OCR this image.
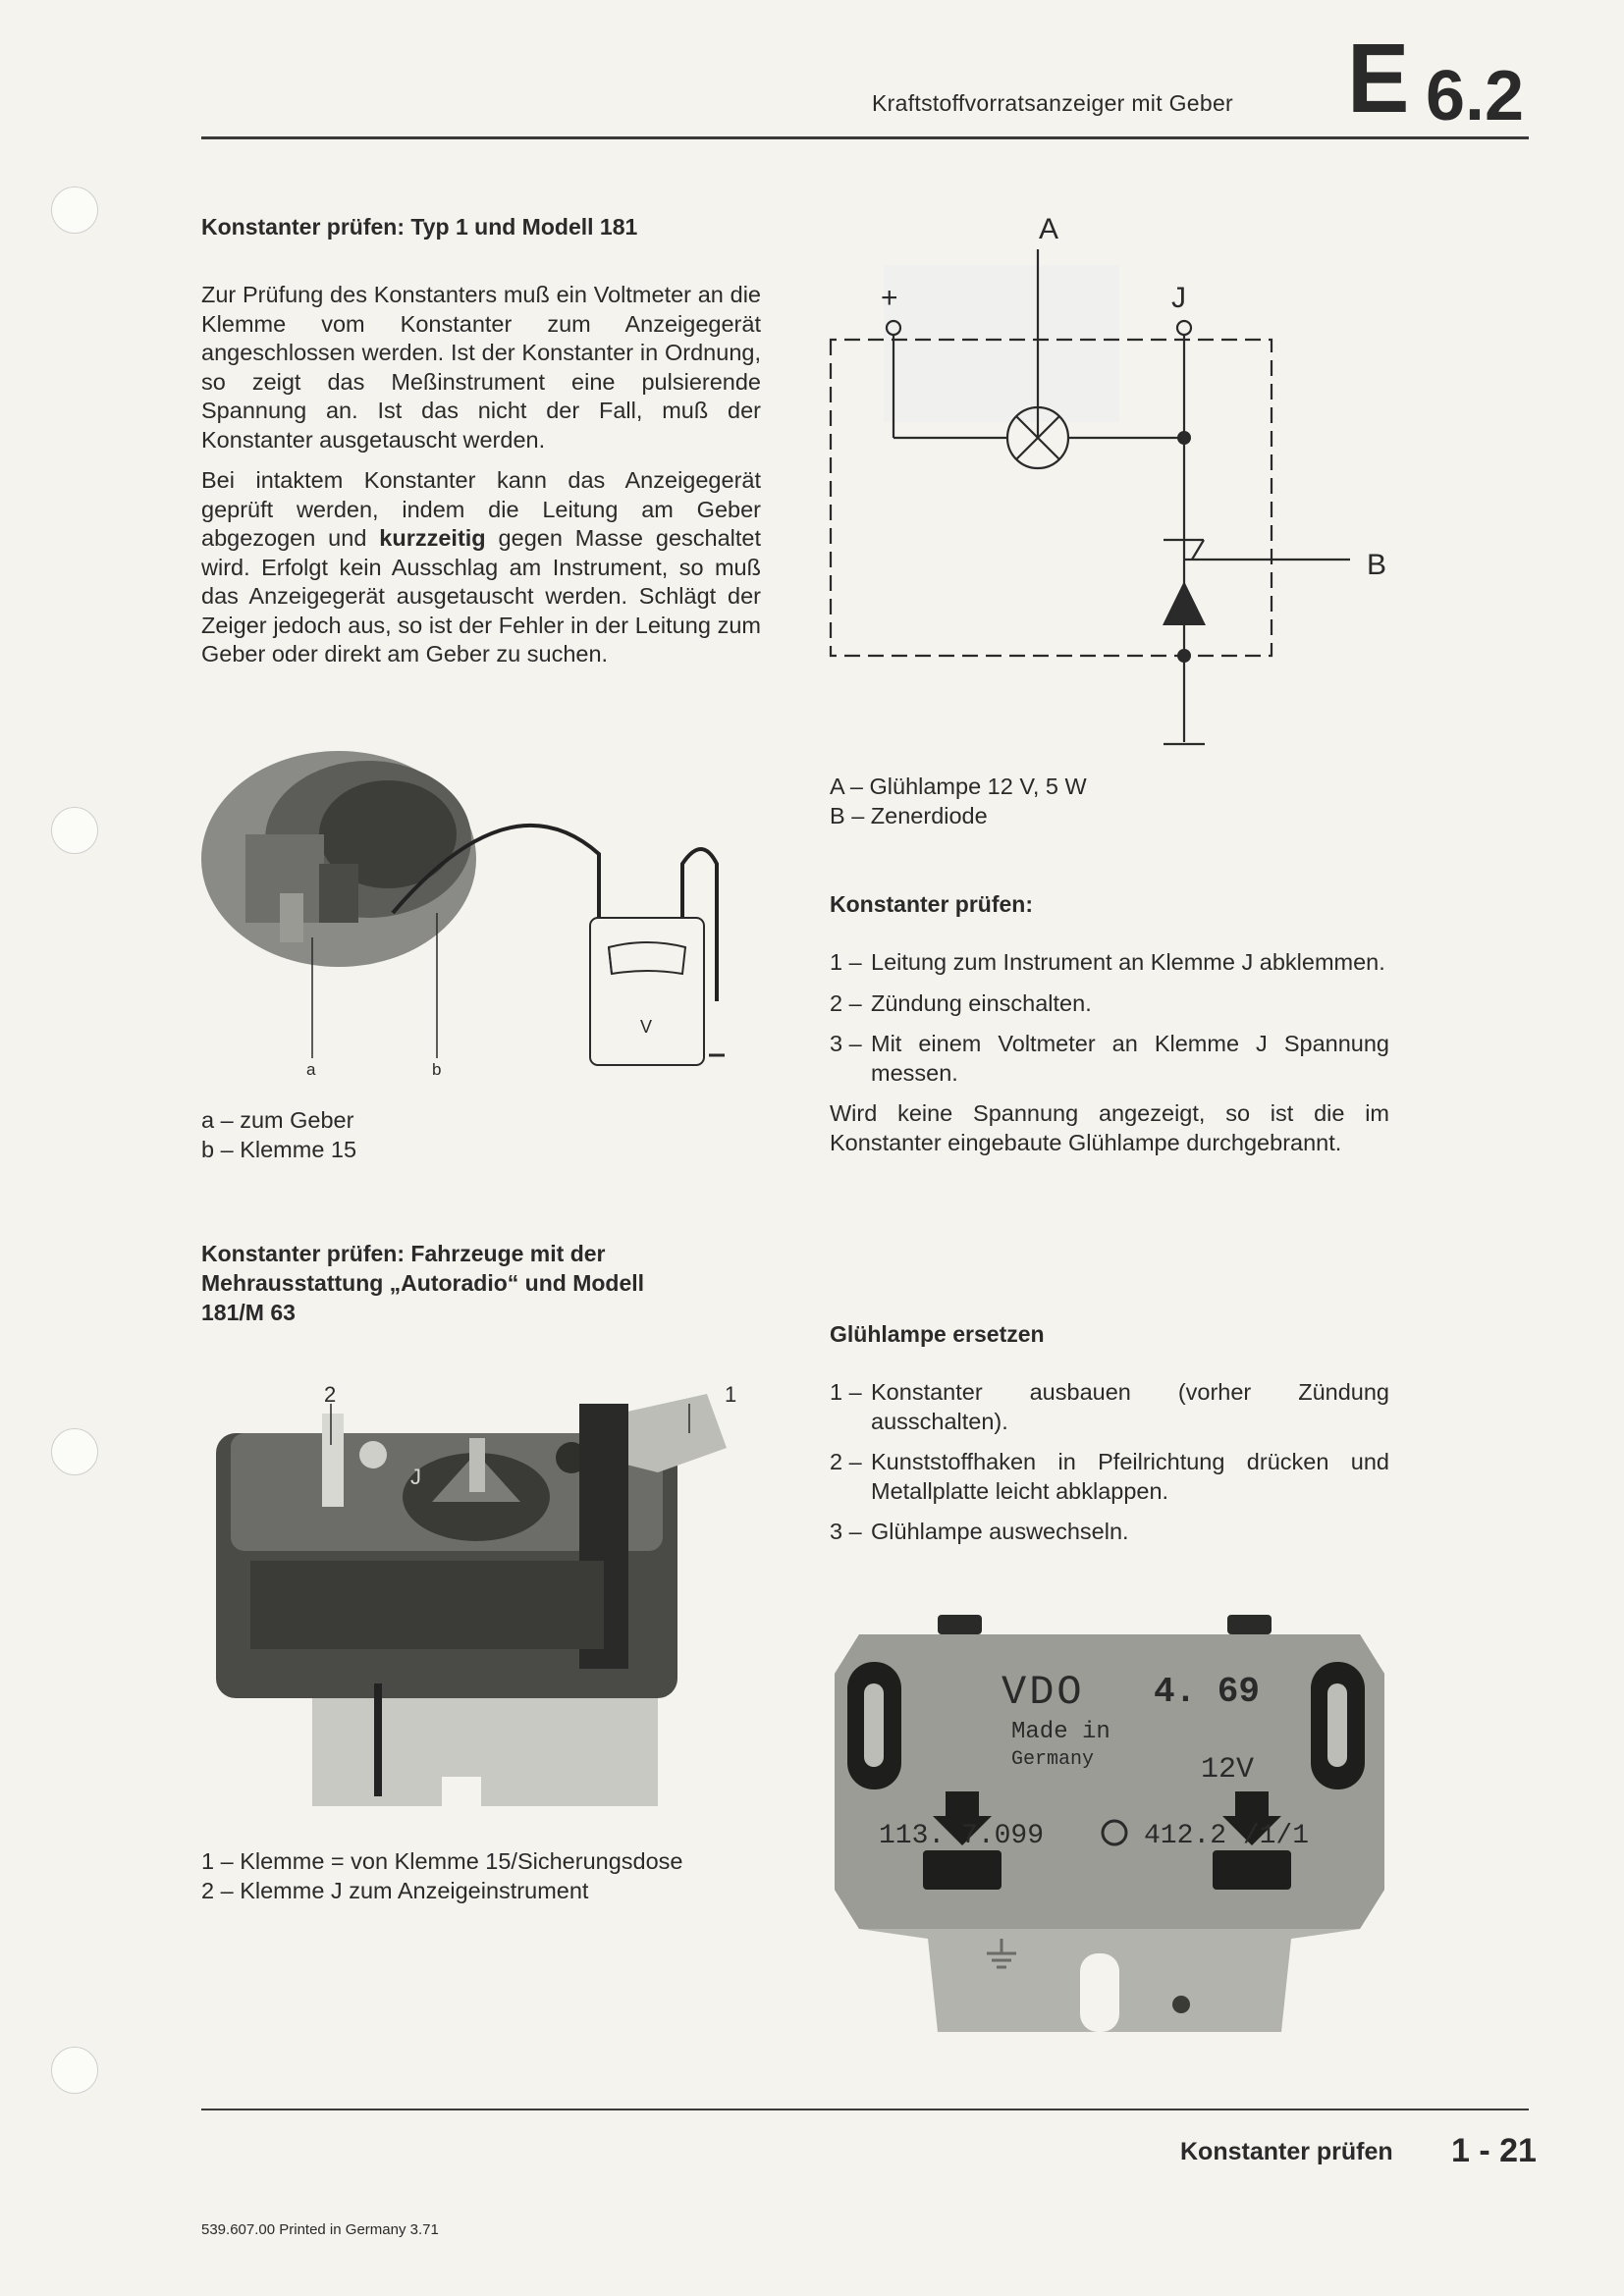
Kraftstoffvorratsanzeiger mit Geber E 6.2
Konstanter prüfen: Typ 1 und Modell 181

Zur Prüfung des Konstanters muß ein Voltmeter an die Klemme vom Konstanter zum Anzeigegerät angeschlossen werden. Ist der Konstanter in Ordnung, so zeigt das Meßinstrument eine pulsierende Spannung an. Ist das nicht der Fall, muß der Konstanter ausgetauscht werden.

Bei intaktem Konstanter kann das Anzeigegerät geprüft werden, indem die Leitung am Geber abgezogen und kurzzeitig gegen Masse geschaltet wird. Erfolgt kein Ausschlag am Instrument, so muß das Anzeigegerät ausgetauscht werden. Schlägt der Zeiger jedoch aus, so ist der Fehler in der Leitung zum Geber oder direkt am Geber zu suchen.

A
+	J
B
A – Glühlampe 12 V, 5 W
B – Zenerdiode
V
a	b
a – zum Geber
b – Klemme 15
Konstanter prüfen:
1 – Leitung zum Instrument an Klemme J abklemmen.
2 – Zündung einschalten.
3 – Mit einem Voltmeter an Klemme J Spannung messen.

Wird keine Spannung angezeigt, so ist die im Konstanter eingebaute Glühlampe durchgebrannt.

Konstanter prüfen: Fahrzeuge mit der Mehrausstattung „Autoradio“ und Modell 181/M 63
2	1
J
1 – Klemme = von Klemme 15/Sicherungsdose
2 – Klemme J zum Anzeigeinstrument
Glühlampe ersetzen
1 – Konstanter ausbauen (vorher Zündung ausschalten).
2 – Kunststoffhaken in Pfeilrichtung drücken und Metallplatte leicht abklappen.
3 – Glühlampe auswechseln.
VDO 4. 69
Made in
Germany	12V
113. 7.099	412.2 /1/1
Konstanter prüfen 1 - 21
539.607.00 Printed in Germany 3.71
